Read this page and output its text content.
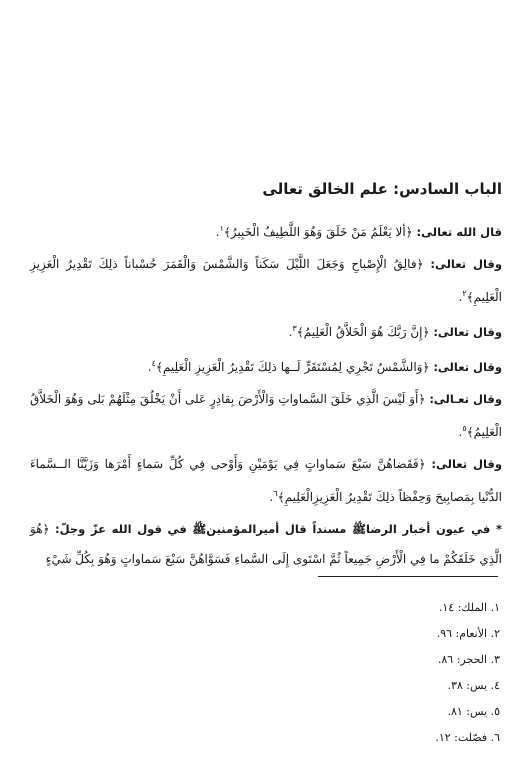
الباب السادس: علم الخالق تعالى

قال الله تعالى: ﴿ألا يَعْلَمُ مَنْ خَلَقَ وَهُوَ اللَّطِيفُ الْخَبِيرُ﴾$^١$.

وقال تعالى: ﴿فالِقُ الْإِصْباحِ وَجَعَلَ اللَّيْلَ سَكَناً وَالشَّمْسَ وَالْقَمَرَ حُسْباناً ذلِكَ تَقْدِيرُ الْعَزِيزِ الْعَلِيمِ﴾$^٢$.

وقال تعالى: ﴿إِنَّ رَبَّكَ هُوَ الْخَلاَّقُ الْعَلِيمُ﴾$^٣$.

وقال تعالى: ﴿وَالشَّمْسُ تَجْرِي لِمُسْتَقَرٍّ لَــها ذلِكَ تَقْدِيرُ الْعَزِيزِ الْعَلِيمِ﴾$^٤$.

وقال تعـالى: ﴿أَوَ لَيْسَ الَّذِي خَلَقَ السَّماواتِ وَالْأَرْضَ بِقادِرٍ عَلى أَنْ يَخْلُقَ مِثْلَهُمْ بَلى وَهُوَ الْخَلاَّقُ الْعَلِيمُ﴾$^٥$.

وقال تعالى: ﴿فَقَضاهُنَّ سَبْعَ سَماواتٍ فِي يَوْمَيْنِ وَأَوْحى فِي كُلِّ سَماءٍ أَمْرَها وَزَيَّنَّا الــسَّماءَ الدُّنْيا بِمَصابِيحَ وَحِفْظاً ذلِكَ تَقْدِيرُ الْعَزِيزِالْعَلِيمِ﴾$^٦$.

* في عيون أخبار الرضاﷺ مسنداً قال أميرالمؤمنينﷺ في قول الله عزّ وجلّ: ﴿هُوَ الَّذِي خَلَقَكُمْ ما فِي الْأَرْضِ جَمِيعاً ثُمَّ اسْتَوى إِلَى السَّماءِ فَسَوَّاهُنَّ سَبْعَ سَماواتٍ وَهُوَ بِكُلِّ شَيْءٍ

١. الملك: ١٤.
٢. الأنعام: ٩٦.
٣. الحجر: ٨٦.
٤. يس: ٣٨.
٥. يس: ٨١.
٦. فصّلت: ١٢.
